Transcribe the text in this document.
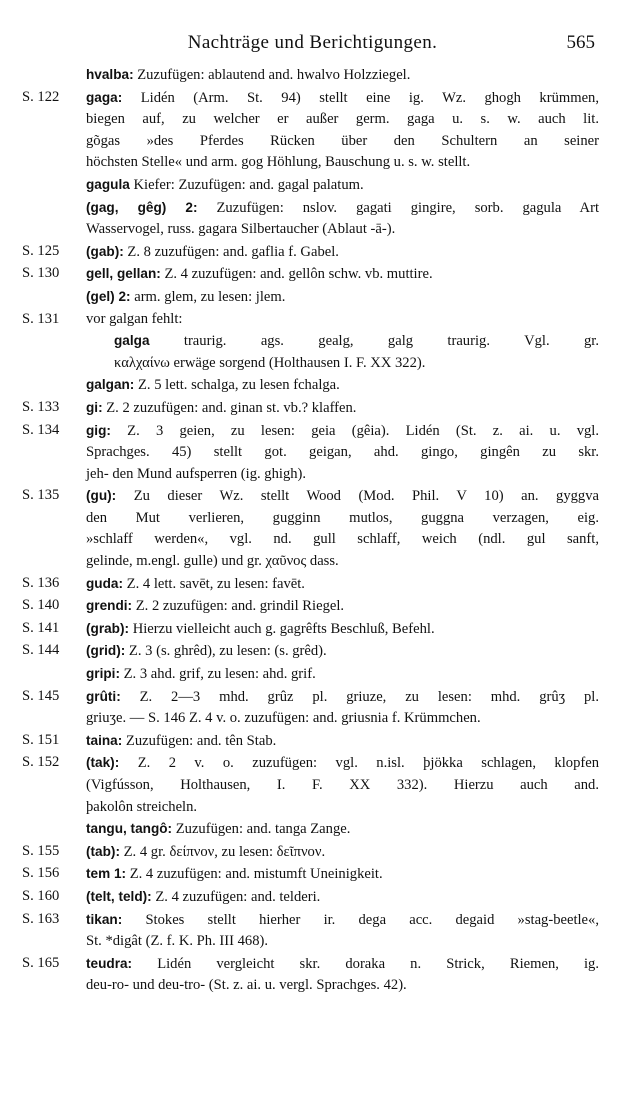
Nachträge und Berichtigungen.	565
hvalba: Zuzufügen: ablautend and. hwalvo Holzziegel.
S. 122	gaga: Lidén (Arm. St. 94) stellt eine ig. Wz. ghogh krümmen,
biegen auf, zu welcher er außer germ. gaga u. s. w. auch lit.
gõgas »des Pferdes Rücken über den Schultern an seiner
höchsten Stelle« und arm. gog Höhlung, Bauschung u. s. w. stellt.
gagula Kiefer: Zuzufügen: and. gagal palatum.
(gag, gêg) 2: Zuzufügen: nslov. gagati gingire, sorb. gagula Art
Wasservogel, russ. gagara Silbertaucher (Ablaut -ā-).
S. 125	(gab): Z. 8 zuzufügen: and. gaflia f. Gabel.
S. 130	gell, gellan: Z. 4 zuzufügen: and. gellôn schw. vb. muttire.
(gel) 2: arm. glem, zu lesen: jlem.
S. 131	vor galgan fehlt:
galga traurig. ags. gealg, galg traurig. Vgl. gr.
καλχαίνω erwäge sorgend (Holthausen I. F. XX 322).
galgan: Z. 5 lett. schalga, zu lesen fchalga.
S. 133	gi: Z. 2 zuzufügen: and. ginan st. vb.? klaffen.
S. 134	gig: Z. 3 geien, zu lesen: geia (gêia). Lidén (St. z. ai. u. vgl.
Sprachges. 45) stellt got. geigan, ahd. gingo, gingên zu skr.
jeh- den Mund aufsperren (ig. ghigh).
S. 135	(gu): Zu dieser Wz. stellt Wood (Mod. Phil. V 10) an. gyggva
den Mut verlieren, gugginn mutlos, guggna verzagen, eig.
»schlaff werden«, vgl. nd. gull schlaff, weich (ndl. gul sanft,
gelinde, m.engl. gulle) und gr. χαῦνος dass.
S. 136	guda: Z. 4 lett. savēt, zu lesen: favēt.
S. 140	grendi: Z. 2 zuzufügen: and. grindil Riegel.
S. 141	(grab): Hierzu vielleicht auch g. gagrêfts Beschluß, Befehl.
S. 144	(grid): Z. 3 (s. ghrêd), zu lesen: (s. grêd).
gripi: Z. 3 ahd. grif, zu lesen: ahd. grif.
S. 145	grûti: Z. 2—3 mhd. grûz pl. griuze, zu lesen: mhd. grûʒ pl.
griuʒe. — S. 146 Z. 4 v. o. zuzufügen: and. griusnia f. Krümmchen.
S. 151	taina: Zuzufügen: and. tên Stab.
S. 152	(tak): Z. 2 v. o. zuzufügen: vgl. n.isl. þjökka schlagen, klopfen
(Vigfússon, Holthausen, I. F. XX 332). Hierzu auch and.
þakolôn streicheln.
tangu, tangô: Zuzufügen: and. tanga Zange.
S. 155	(tab): Z. 4 gr. δείπνον, zu lesen: δεῖπνον.
S. 156	tem 1: Z. 4 zuzufügen: and. mistumft Uneinigkeit.
S. 160	(telt, teld): Z. 4 zuzufügen: and. telderi.
S. 163	tikan: Stokes stellt hierher ir. dega acc. degaid »stag-beetle«,
St. *digât (Z. f. K. Ph. III 468).
S. 165	teudra: Lidén vergleicht skr. doraka n. Strick, Riemen, ig.
deu-ro- und deu-tro- (St. z. ai. u. vergl. Sprachges. 42).
